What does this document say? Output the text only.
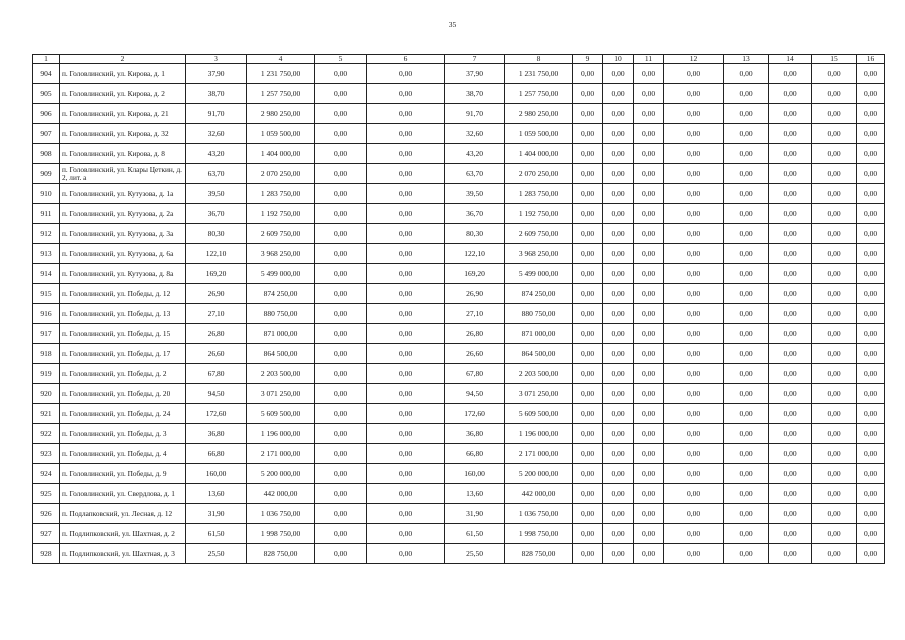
35
1	2	3	4	5	6	7	8	9	10	11	12	13	14	15	16
904	п. Головлинский, ул. Кирова, д. 1	37,90	1 231 750,00	0,00	0,00	37,90	1 231 750,00	0,00	0,00	0,00	0,00	0,00	0,00	0,00	0,00
905	п. Головлинский, ул. Кирова, д. 2	38,70	1 257 750,00	0,00	0,00	38,70	1 257 750,00	0,00	0,00	0,00	0,00	0,00	0,00	0,00	0,00
906	п. Головлинский, ул. Кирова, д. 21	91,70	2 980 250,00	0,00	0,00	91,70	2 980 250,00	0,00	0,00	0,00	0,00	0,00	0,00	0,00	0,00
907	п. Головлинский, ул. Кирова, д. 32	32,60	1 059 500,00	0,00	0,00	32,60	1 059 500,00	0,00	0,00	0,00	0,00	0,00	0,00	0,00	0,00
908	п. Головлинский, ул. Кирова, д. 8	43,20	1 404 000,00	0,00	0,00	43,20	1 404 000,00	0,00	0,00	0,00	0,00	0,00	0,00	0,00	0,00
909	п. Головлинский, ул. Клары Цеткин, д. 2, лит. а	63,70	2 070 250,00	0,00	0,00	63,70	2 070 250,00	0,00	0,00	0,00	0,00	0,00	0,00	0,00	0,00
910	п. Головлинский, ул. Кутузова, д. 1а	39,50	1 283 750,00	0,00	0,00	39,50	1 283 750,00	0,00	0,00	0,00	0,00	0,00	0,00	0,00	0,00
911	п. Головлинский, ул. Кутузова, д. 2а	36,70	1 192 750,00	0,00	0,00	36,70	1 192 750,00	0,00	0,00	0,00	0,00	0,00	0,00	0,00	0,00
912	п. Головлинский, ул. Кутузова, д. 3а	80,30	2 609 750,00	0,00	0,00	80,30	2 609 750,00	0,00	0,00	0,00	0,00	0,00	0,00	0,00	0,00
913	п. Головлинский, ул. Кутузова, д. 6а	122,10	3 968 250,00	0,00	0,00	122,10	3 968 250,00	0,00	0,00	0,00	0,00	0,00	0,00	0,00	0,00
914	п. Головлинский, ул. Кутузова, д. 8а	169,20	5 499 000,00	0,00	0,00	169,20	5 499 000,00	0,00	0,00	0,00	0,00	0,00	0,00	0,00	0,00
915	п. Головлинский, ул. Победы, д. 12	26,90	874 250,00	0,00	0,00	26,90	874 250,00	0,00	0,00	0,00	0,00	0,00	0,00	0,00	0,00
916	п. Головлинский, ул. Победы, д. 13	27,10	880 750,00	0,00	0,00	27,10	880 750,00	0,00	0,00	0,00	0,00	0,00	0,00	0,00	0,00
917	п. Головлинский, ул. Победы, д. 15	26,80	871 000,00	0,00	0,00	26,80	871 000,00	0,00	0,00	0,00	0,00	0,00	0,00	0,00	0,00
918	п. Головлинский, ул. Победы, д. 17	26,60	864 500,00	0,00	0,00	26,60	864 500,00	0,00	0,00	0,00	0,00	0,00	0,00	0,00	0,00
919	п. Головлинский, ул. Победы, д. 2	67,80	2 203 500,00	0,00	0,00	67,80	2 203 500,00	0,00	0,00	0,00	0,00	0,00	0,00	0,00	0,00
920	п. Головлинский, ул. Победы, д. 20	94,50	3 071 250,00	0,00	0,00	94,50	3 071 250,00	0,00	0,00	0,00	0,00	0,00	0,00	0,00	0,00
921	п. Головлинский, ул. Победы, д. 24	172,60	5 609 500,00	0,00	0,00	172,60	5 609 500,00	0,00	0,00	0,00	0,00	0,00	0,00	0,00	0,00
922	п. Головлинский, ул. Победы, д. 3	36,80	1 196 000,00	0,00	0,00	36,80	1 196 000,00	0,00	0,00	0,00	0,00	0,00	0,00	0,00	0,00
923	п. Головлинский, ул. Победы, д. 4	66,80	2 171 000,00	0,00	0,00	66,80	2 171 000,00	0,00	0,00	0,00	0,00	0,00	0,00	0,00	0,00
924	п. Головлинский, ул. Победы, д. 9	160,00	5 200 000,00	0,00	0,00	160,00	5 200 000,00	0,00	0,00	0,00	0,00	0,00	0,00	0,00	0,00
925	п. Головлинский, ул. Свердлова, д. 1	13,60	442 000,00	0,00	0,00	13,60	442 000,00	0,00	0,00	0,00	0,00	0,00	0,00	0,00	0,00
926	п. Подлапковский, ул. Лесная, д. 12	31,90	1 036 750,00	0,00	0,00	31,90	1 036 750,00	0,00	0,00	0,00	0,00	0,00	0,00	0,00	0,00
927	п. Подлипковский, ул. Шахтная, д. 2	61,50	1 998 750,00	0,00	0,00	61,50	1 998 750,00	0,00	0,00	0,00	0,00	0,00	0,00	0,00	0,00
928	п. Подлипковский, ул. Шахтная, д. 3	25,50	828 750,00	0,00	0,00	25,50	828 750,00	0,00	0,00	0,00	0,00	0,00	0,00	0,00	0,00
